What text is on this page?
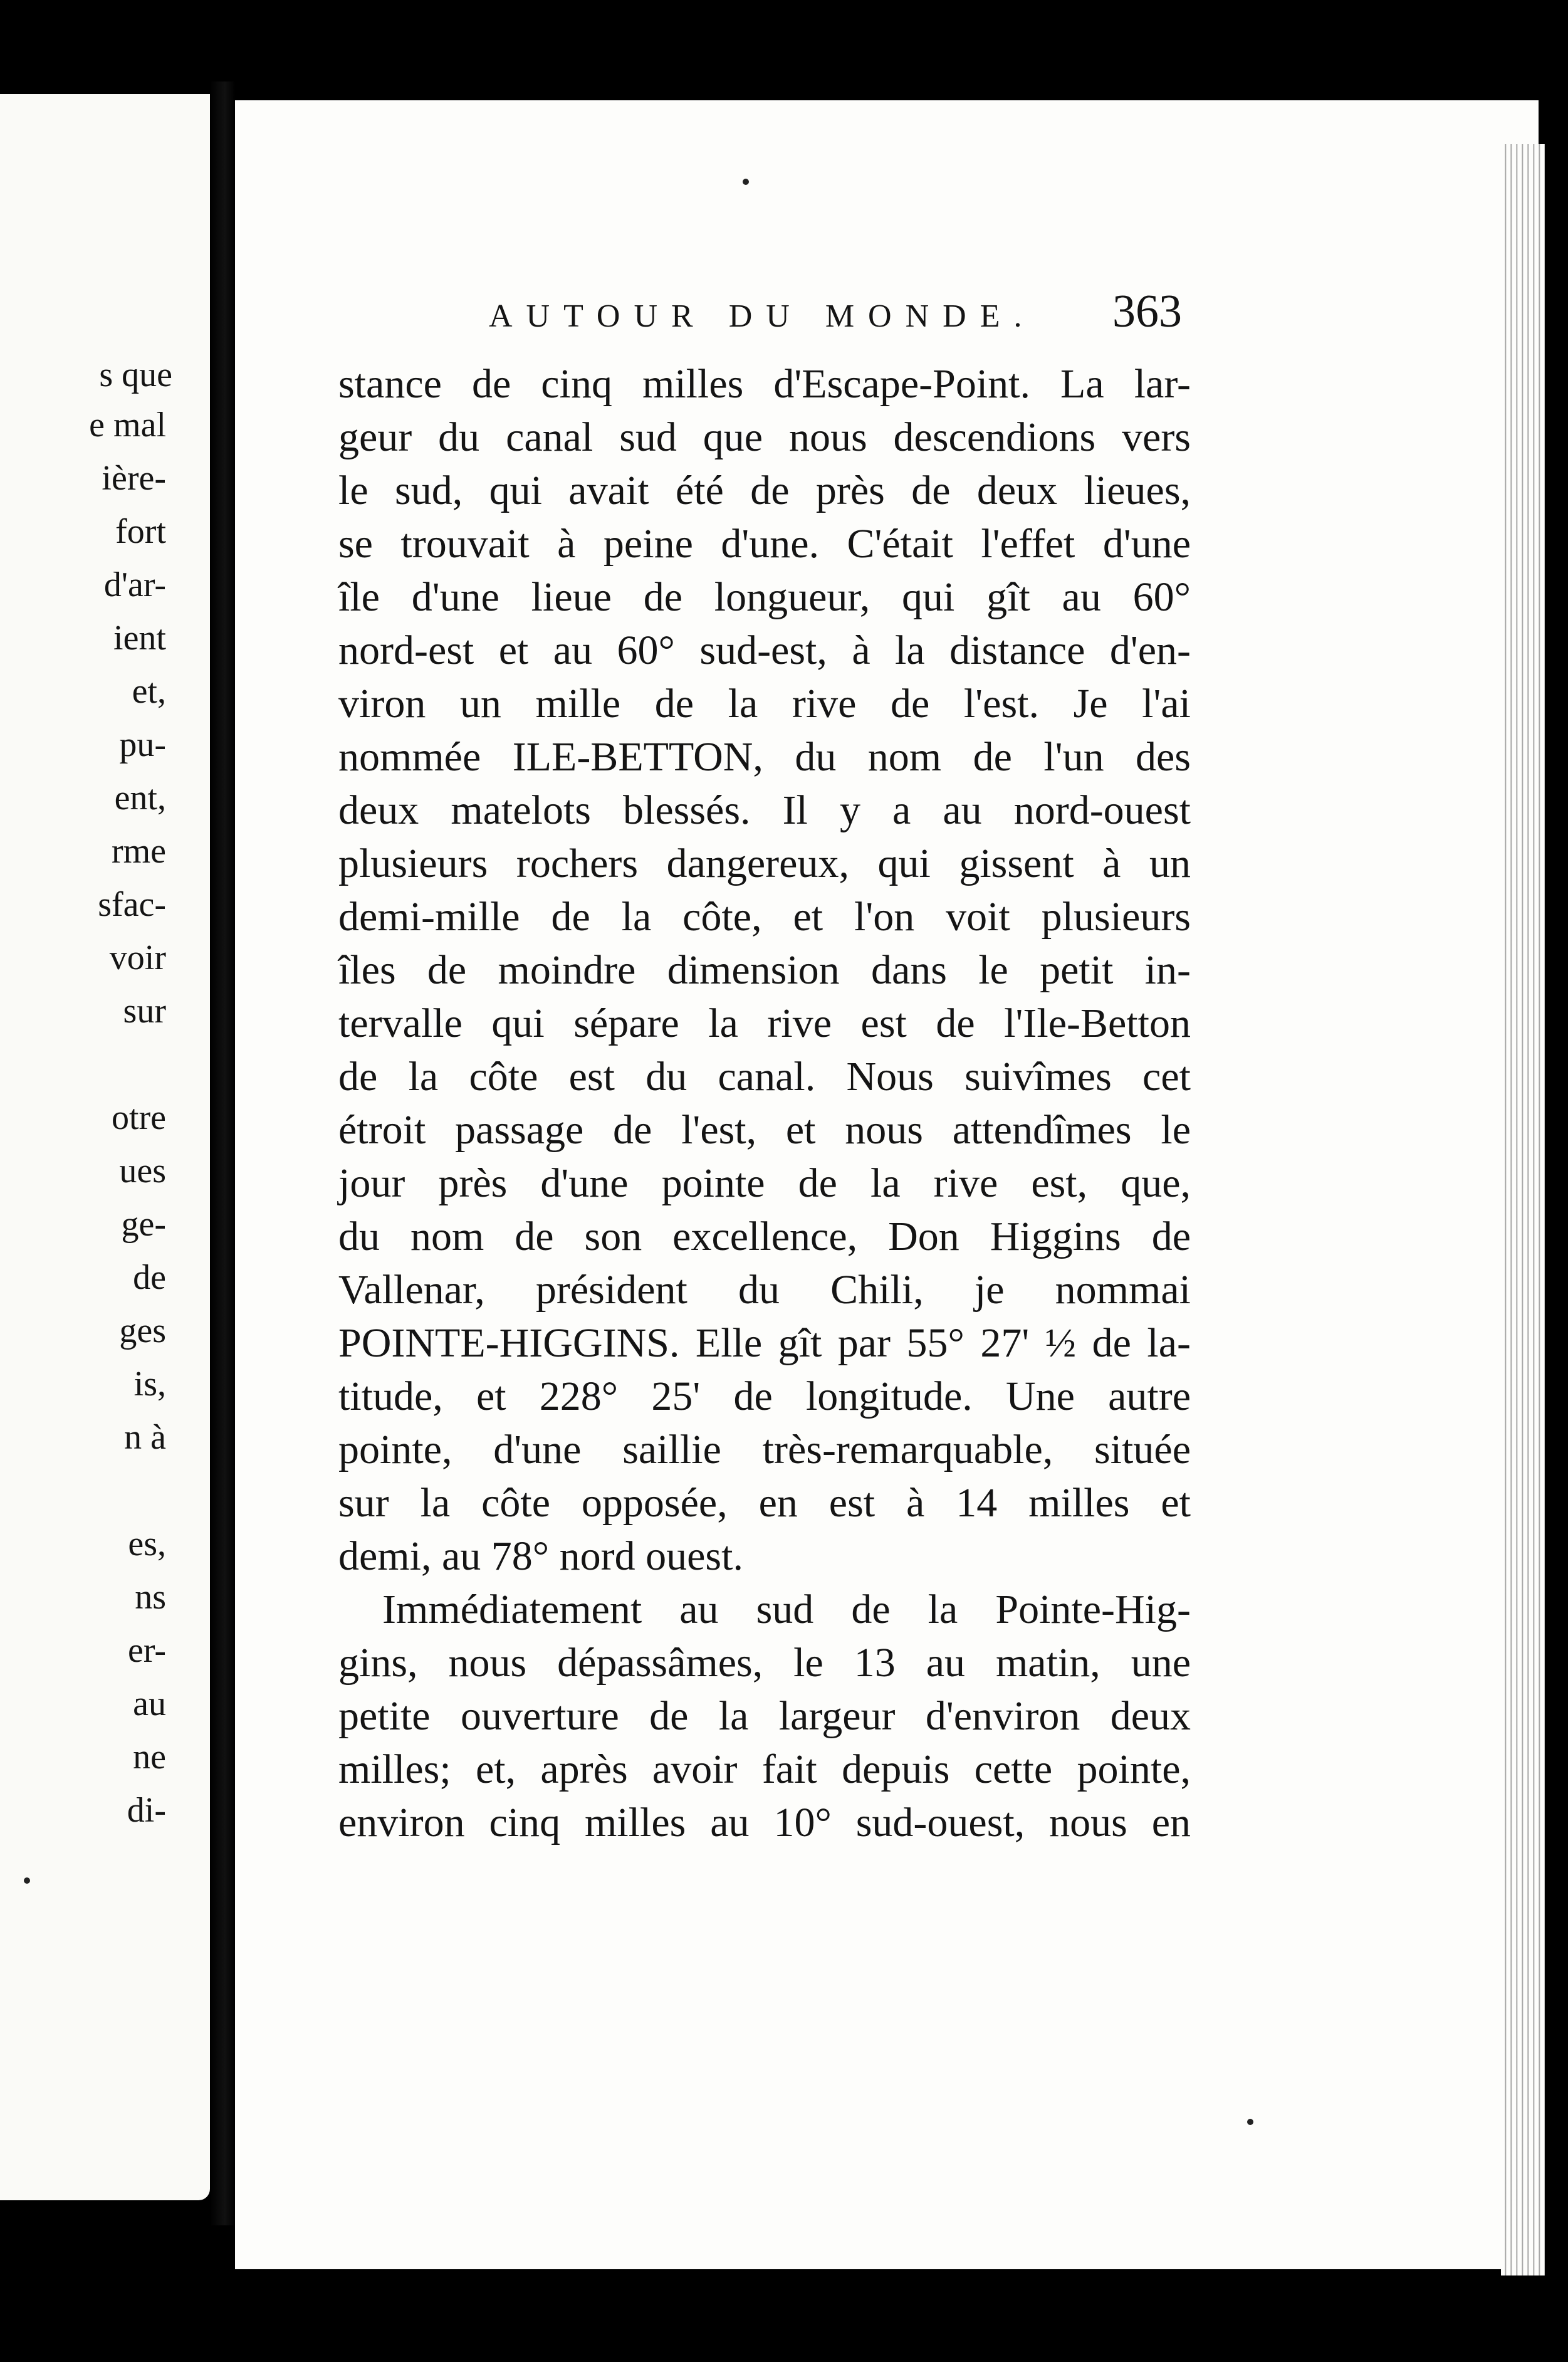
s que
e mal
ière-
fort
d'ar-
ient
et,
pu-
ent,
rme
sfac-
voir
sur
otre
ues
ge-
de
ges
is,
n à
es,
ns
er-
au
ne
di-
AUTOUR DU MONDE. 363
stance de cinq milles d'Escape-Point. La lar-
geur du canal sud que nous descendions vers
le sud, qui avait été de près de deux lieues,
se trouvait à peine d'une. C'était l'effet d'une
île d'une lieue de longueur, qui gît au 60°
nord-est et au 60° sud-est, à la distance d'en-
viron un mille de la rive de l'est. Je l'ai
nommée ILE-BETTON, du nom de l'un des
deux matelots blessés. Il y a au nord-ouest
plusieurs rochers dangereux, qui gissent à un
demi-mille de la côte, et l'on voit plusieurs
îles de moindre dimension dans le petit in-
tervalle qui sépare la rive est de l'Ile-Betton
de la côte est du canal. Nous suivîmes cet
étroit passage de l'est, et nous attendîmes le
jour près d'une pointe de la rive est, que,
du nom de son excellence, Don Higgins de
Vallenar, président du Chili, je nommai
POINTE-HIGGINS. Elle gît par 55° 27' ½ de la-
titude, et 228° 25' de longitude. Une autre
pointe, d'une saillie très-remarquable, située
sur la côte opposée, en est à 14 milles et
demi, au 78° nord ouest.
Immédiatement au sud de la Pointe-Hig-
gins, nous dépassâmes, le 13 au matin, une
petite ouverture de la largeur d'environ deux
milles; et, après avoir fait depuis cette pointe,
environ cinq milles au 10° sud-ouest, nous en
